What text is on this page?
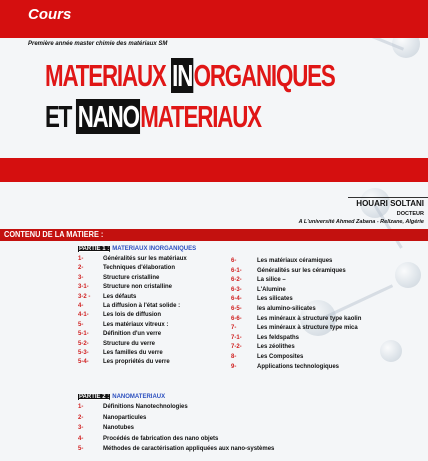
Cours
Première année master chimie des matériaux SM
MATERIAUX INORGANIQUES
ET NANOMATERIAUX
HOUARI SOLTANI
DOCTEUR
A L'université Ahmed Zabana - Relizane, Algérie
CONTENU DE LA MATIERE :
PARTIE 1 : MATERIAUX INORGANIQUES
1-	Généralités sur les matériaux
2-	Techniques d'élaboration
3-	Structure cristalline
3-1- Structure non cristalline
3-2 - Les défauts
4-	La diffusion à l'état solide :
4-1- Les lois de diffusion
5-	Les matériaux vitreux :
5-1- Définition d'un verre
5-2- Structure du verre
5-3- Les familles du verre
5-4- Les propriétés du verre
6-	Les matériaux céramiques
6-1-	Généralités sur les céramiques
6-2-	La silice –
6-3-	L'Alumine
6-4-	Les silicates
6-5-	les alumino-silicates
6-6-	Les minéraux à structure type kaolin
7-	Les minéraux à structure type mica
7-1-	Les feldspaths
7-2-	Les zéolithes
8-	Les Composites
9-	Applications technologiques
PARTIE 2 : NANOMATERIAUX
1-	Définitions Nanotechnologies
2-	Nanoparticules
3-	Nanotubes
4-	Procédés de fabrication des nano objets
5-	Méthodes de caractérisation appliquées aux nano-systèmes
